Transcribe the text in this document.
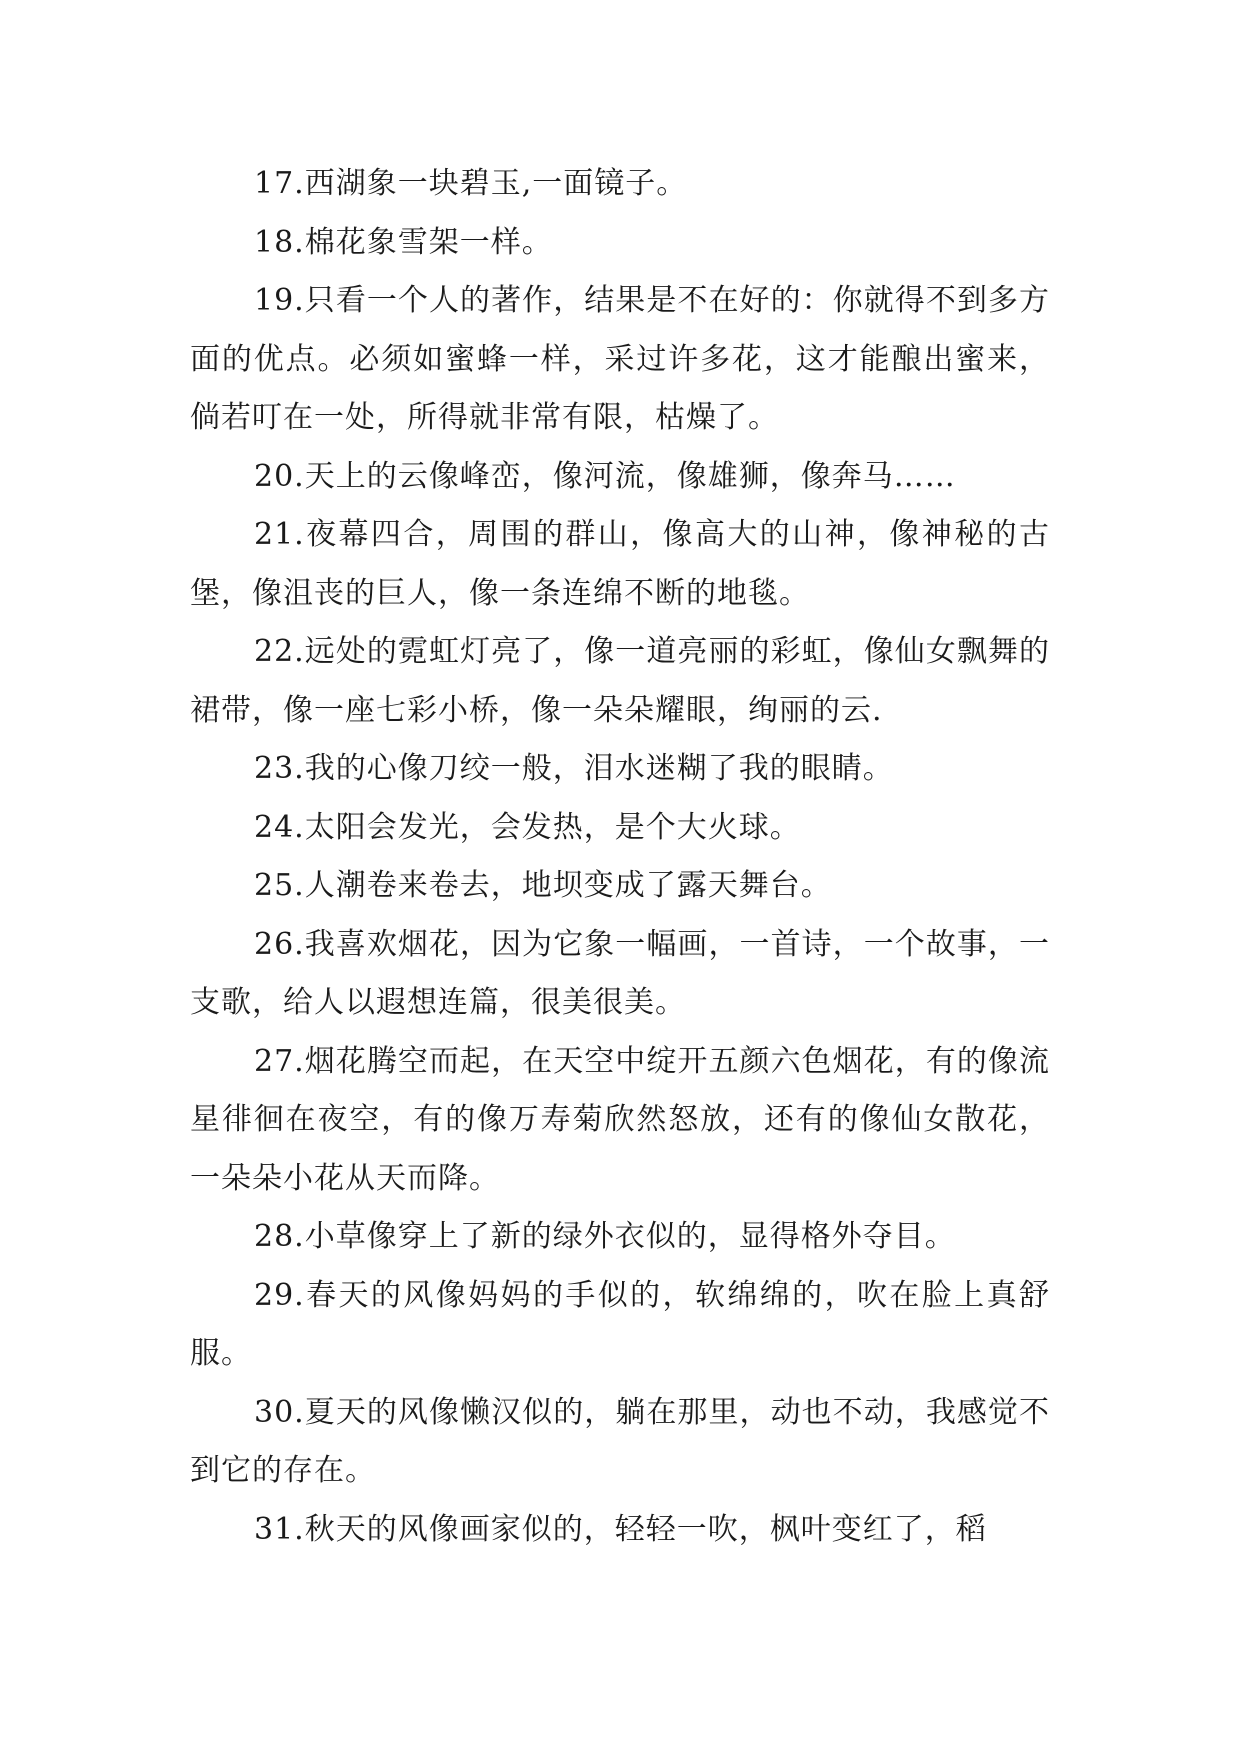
17.西湖象一块碧玉,一面镜子。

18.棉花象雪架一样。

19.只看一个人的著作，结果是不在好的：你就得不到多方面的优点。必须如蜜蜂一样，采过许多花，这才能酿出蜜来，倘若叮在一处，所得就非常有限，枯燥了。

20.天上的云像峰峦，像河流，像雄狮，像奔马……

21.夜幕四合，周围的群山，像高大的山神，像神秘的古堡，像沮丧的巨人，像一条连绵不断的地毯。

22.远处的霓虹灯亮了，像一道亮丽的彩虹，像仙女飘舞的裙带，像一座七彩小桥，像一朵朵耀眼，绚丽的云.

23.我的心像刀绞一般，泪水迷糊了我的眼睛。

24.太阳会发光，会发热，是个大火球。

25.人潮卷来卷去，地坝变成了露天舞台。

26.我喜欢烟花，因为它象一幅画，一首诗，一个故事，一支歌，给人以遐想连篇，很美很美。

27.烟花腾空而起，在天空中绽开五颜六色烟花，有的像流星徘徊在夜空，有的像万寿菊欣然怒放，还有的像仙女散花，一朵朵小花从天而降。

28.小草像穿上了新的绿外衣似的，显得格外夺目。

29.春天的风像妈妈的手似的，软绵绵的，吹在脸上真舒服。

30.夏天的风像懒汉似的，躺在那里，动也不动，我感觉不到它的存在。

31.秋天的风像画家似的，轻轻一吹，枫叶变红了，稻
